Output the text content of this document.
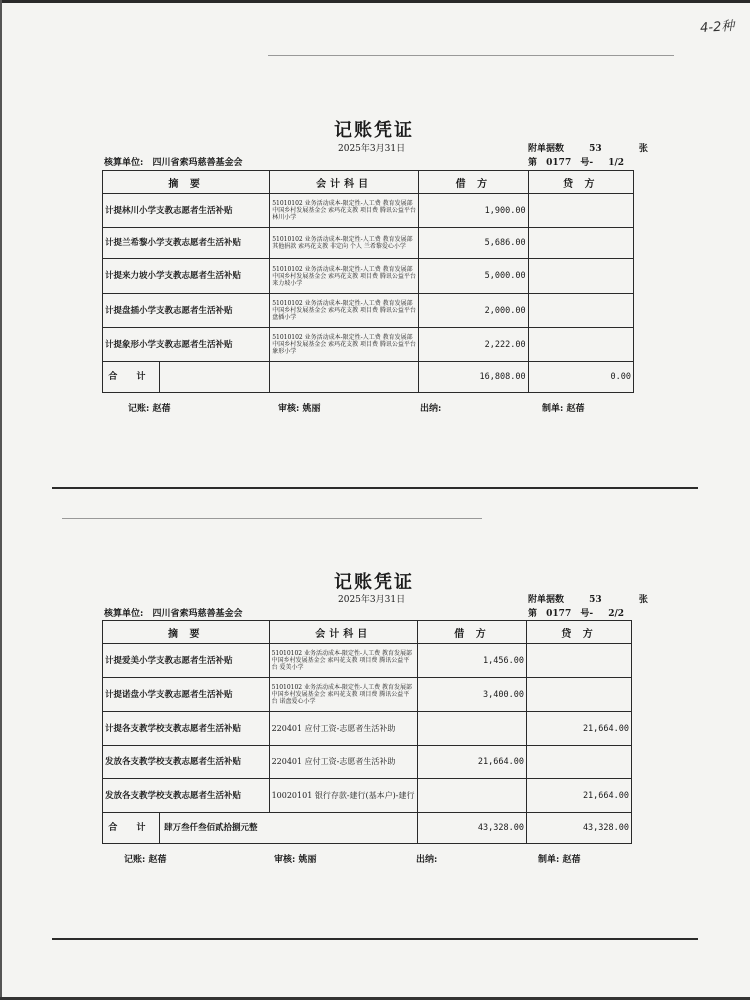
4-2种
记账凭证
2025年3月31日	附单据数	53	张
核算单位: 四川省索玛慈善基金会	第 0177 号- 1/2
摘 要	会计科目	借 方	贷 方
计提林川小学支教志愿者生活补贴	51010102 业务活动成本-限定性-人工费 教育发展部 中国乡村发展基金会 索玛花支教 项目费 腾讯公益平台 林川小学	1,900.00	
计提兰希黎小学支教志愿者生活补贴	51010102 业务活动成本-限定性-人工费 教育发展部 其他捐款 索玛花支教 非定向 个人 兰希黎爱心小学	5,686.00	
计提来力坡小学支教志愿者生活补贴	51010102 业务活动成本-限定性-人工费 教育发展部 中国乡村发展基金会 索玛花支教 项目费 腾讯公益平台 来力坡小学	5,000.00	
计提盘插小学支教志愿者生活补贴	51010102 业务活动成本-限定性-人工费 教育发展部 中国乡村发展基金会 索玛花支教 项目费 腾讯公益平台 盘插小学	2,000.00	
计提象形小学支教志愿者生活补贴	51010102 业务活动成本-限定性-人工费 教育发展部 中国乡村发展基金会 索玛花支教 项目费 腾讯公益平台 象形小学	2,222.00	

合 计		16,808.00	0.00
记账: 赵蓓	审核: 姚丽	出纳:	制单: 赵蓓
记账凭证
2025年3月31日	附单据数	53	张
核算单位: 四川省索玛慈善基金会	第 0177 号- 2/2
摘 要	会计科目	借 方	贷 方
计提爱美小学支教志愿者生活补贴	51010102 业务活动成本-限定性-人工费 教育发展部 中国乡村发展基金会 索玛花支教 项目费 腾讯公益平台 爱美小学	1,456.00	
计提诺盘小学支教志愿者生活补贴	51010102 业务活动成本-限定性-人工费 教育发展部 中国乡村发展基金会 索玛花支教 项目费 腾讯公益平台 诺盘爱心小学	3,400.00	
计提各支教学校支教志愿者生活补贴	220401 应付工资-志愿者生活补助		21,664.00
发放各支教学校支教志愿者生活补贴	220401 应付工资-志愿者生活补助	21,664.00	
发放各支教学校支教志愿者生活补贴	10020101 银行存款-建行(基本户)-建行		21,664.00

合 计 肆万叁仟叁佰贰拾捌元整		43,328.00	43,328.00
记账: 赵蓓	审核: 姚丽	出纳:	制单: 赵蓓
